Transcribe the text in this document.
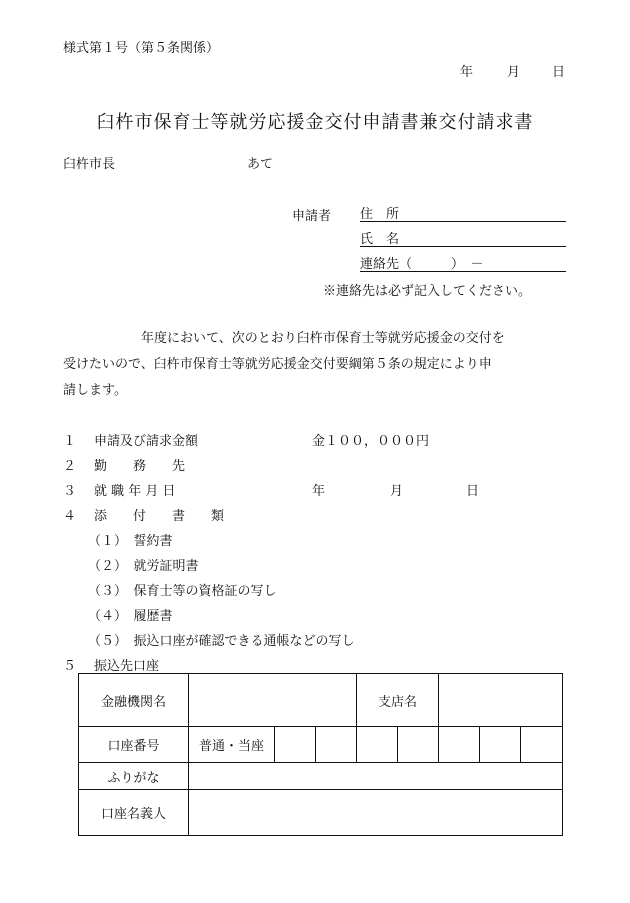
様式第１号（第５条関係）
年	月 日
臼杵市保育士等就労応援金交付申請書兼交付請求書
臼杵市長	あて
申請者 住　所
氏　名
連絡先（　　　）　－
※連絡先は必ず記入してください。
年度において、次のとおり臼杵市保育士等就労応援金の交付を
受けたいので、臼杵市保育士等就労応援金交付要綱第５条の規定により申
請します。
１ 申請及び請求金額	金１００，０００円
２ 勤　　務　　先
３ 就 職 年 月 日	年	月	日
４ 添　　付　　書　　類
（１）　誓約書
（２）　就労証明書
（３）　保育士等の資格証の写し
（４）　履歴書
（５）　振込口座が確認できる通帳などの写し
５ 振込先口座
金融機関名				支店名				
口座番号	普通・当座							
ふりがな								
口座名義人								
